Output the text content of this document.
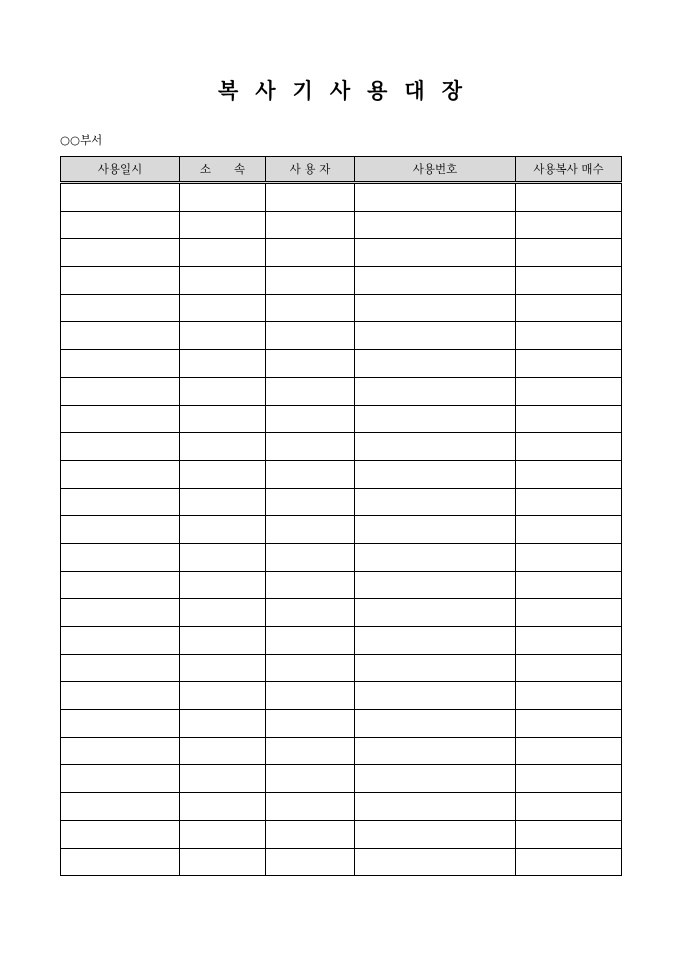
복사기사용대장
○○부서
사용일시	소　　속	사 용 자	사용번호	사용복사 매수
